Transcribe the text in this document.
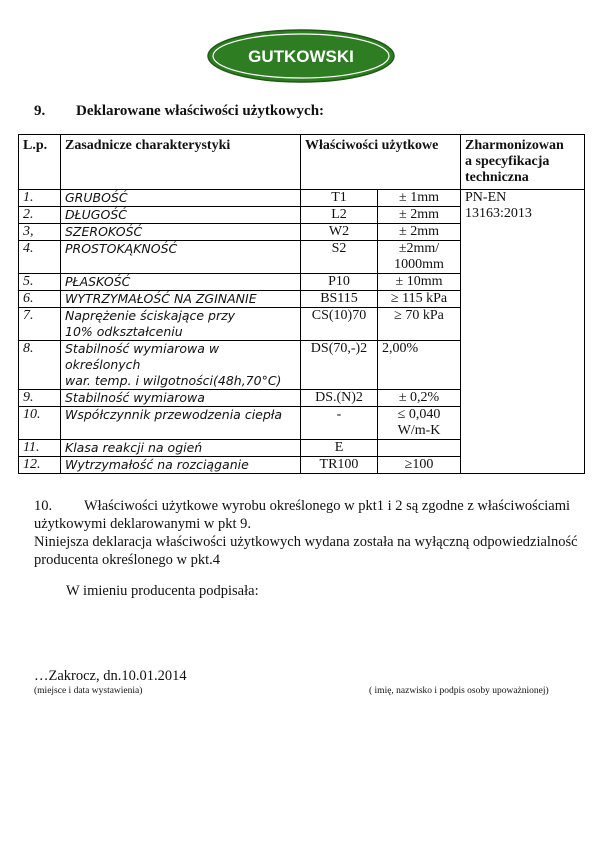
GUTKOWSKI
9. Deklarowane właściwości użytkowych:
L.p.	Zasadnicze charakterystyki	Właściwości użytkowe		Zharmonizowan
a specyfikacja
techniczna

1.	GRUBOŚĆ	T1	± 1mm	PN-EN
13163:2013

2.	DŁUGOŚĆ	L2	± 2mm	
3,	SZEROKOŚĆ	W2	± 2mm	
4.	PROSTOKĄKNOŚĆ	S2	±2mm/
1000mm	

5.	PŁASKOŚĆ	P10	± 10mm	
6.	WYTRZYMAŁOŚĆ NA ZGINANIE	BS115	≥ 115 kPa	
7.	Naprężenie ściskające przy
10% odkształceniu	CS(10)70	≥ 70 kPa	
8.	Stabilność wymiarowa w określonych
war. temp. i wilgotności(48h,70°C)	DS(70,-)2	2,00%	
9.	Stabilność wymiarowa	DS.(N)2	± 0,2%	
10.	Współczynnik przewodzenia ciepła	-	≤ 0,040
W/m-K	

11.	Klasa reakcji na ogień	E		
12.	Wytrzymałość na rozciąganie	TR100	≥100	
10. Właściwości użytkowe wyrobu określonego w pkt1 i 2 są zgodne z właściwościami użytkowymi deklarowanymi w pkt 9.
Niniejsza deklaracja właściwości użytkowych wydana została na wyłączną odpowiedzialność producenta określonego w pkt.4
W imieniu producenta podpisała:
…Zakrocz, dn.10.01.2014
(miejsce i data wystawienia)	( imię, nazwisko i podpis osoby upoważnionej)
